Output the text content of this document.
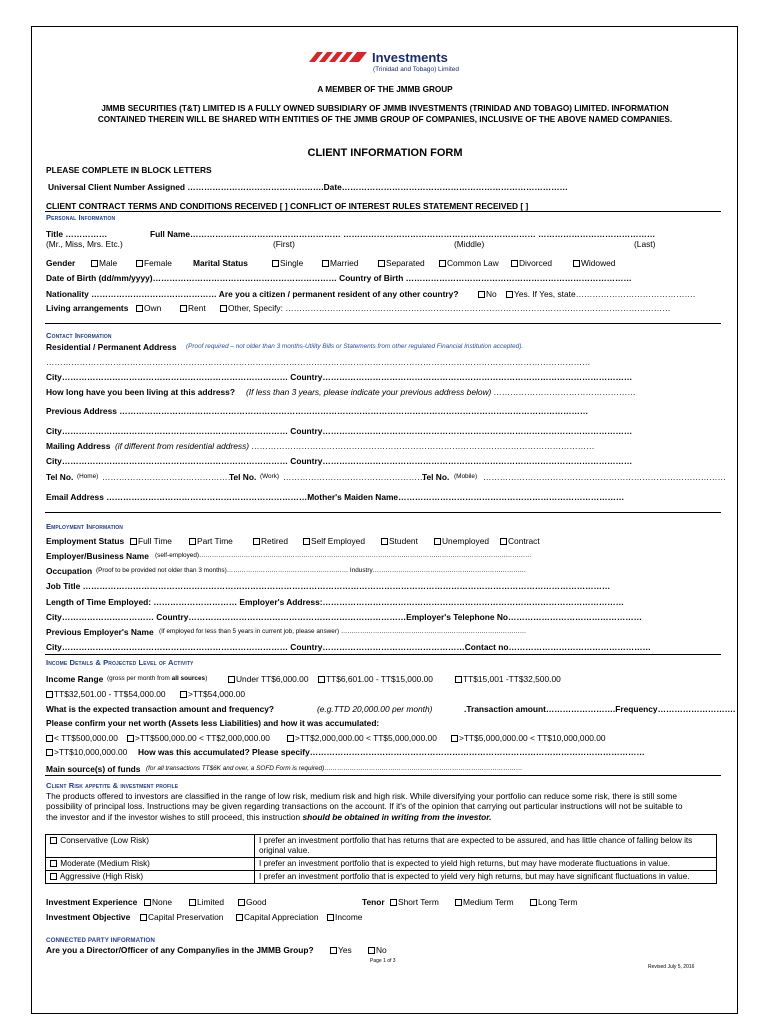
Investments
(Trinidad and Tobago) Limited
A MEMBER OF THE JMMB GROUP
JMMB SECURITIES (T&T) LIMITED IS A FULLY OWNED SUBSIDIARY OF JMMB INVESTMENTS (TRINIDAD AND TOBAGO) LIMITED. INFORMATION
CONTAINED THEREIN WILL BE SHARED WITH ENTITIES OF THE JMMB GROUP OF COMPANIES, INCLUSIVE OF THE ABOVE NAMED COMPANIES.
CLIENT INFORMATION FORM
PLEASE COMPLETE IN BLOCK LETTERS
Universal Client Number Assigned ………………………………………….Date………………………………………………………………………
CLIENT CONTRACT TERMS AND CONDITIONS RECEIVED [ ] CONFLICT OF INTEREST RULES STATEMENT RECEIVED [ ]
Personal Information
Title ……………	Full Name……………………………………………… …………………………………………………………… ……………………………………
(Mr., Miss, Mrs. Etc.)	(First)	(Middle)	(Last)
Gender	Male	Female	Marital Status	Single	Married	Separated	Common Law	Divorced	Widowed
Date of Birth (dd/mm/yyyy)………………………………………………………… Country of Birth ………………………………………………………………………
Nationality ……………………………………… Are you a citizen / permanent resident of any other country?	No	Yes. If Yes, state…………………………………….
Living arrangements	Own	Rent	Other, Specify: …………………………………………………………………………………………………………………………
Contact Information
Residential / Permanent Address (Proof required – not older than 3 months-Utility Bills or Statements from other regulated Financial Institution accepted).
……………………………………………………………………………………………………………………………………………………………………………
City……………………………………………………………………… Country…………………………………………………………………………………………………
How long have you been living at this address? (If less than 3 years, please indicate your previous address below) ……………………………………………
Previous Address ……………………………………………………………………………………………………………………………………………………
City……………………………………………………………………… Country…………………………………………………………………………………………………
Mailing Address (if different from residential address) ……………………………………………………………………………………………………………
City……………………………………………………………………… Country…………………………………………………………………………………………………
Tel No. (Home) …………………………………………
Tel No. (Work) ……………………………………………
Tel No. (Mobile) ……………………………………………………………………………
Email Address ………………………………………………………………Mother's Maiden Name………………………………………………………………………
Employment Information
Employment Status	Full Time	Part Time	Retired	Self Employed	Student	Unemployed	Contract
Employer/Business Name (self-employed)…………………………………………………………………………………………………………………………………………
Occupation (Proof to be provided not older than 3 months)………………………………………………… Industry………………………………………………………………
Job Title ………………………………………………………………………………………………………………………………………………………………………
Length of Time Employed: ………………………… Employer's Address:………………………………………………………………………………………………
City…………………………… Country……………………………………………………………………Employer's Telephone No…………………………………………
Previous Employer's Name (If employed for less than 5 years in current job, please answer) ……………………………………………………………………………
City……………………………………………………………………… Country……………………………………………Contact no……………………………………………
Income Details & Projected Level of Activity
Income Range (gross per month from all sources)	Under TT$6,000.00	TT$6,601.00 - TT$15,000.00	TT$15,001 -TT$32,500.00
TT$32,501.00 - TT$54,000.00	>TT$54,000.00
What is the expected transaction amount and frequency?	(e.g.TTD 20,000.00 per month)	.Transaction amount…………………….Frequency……………………….
Please confirm your net worth (Assets less Liabilities) and how it was accumulated:
< TT$500,000.00	>TT$500,000.00 < TT$2,000,000.00	>TT$2,000,000.00 < TT$5,000,000.00	>TT$5,000,000.00 < TT$10,000,000.00
>TT$10,000,000.00 How was this accumulated? Please specify…………………………………………………………………………………………………………
Main source(s) of funds (for all transactions TT$6K and over, a SOFD Form is required)…………………………………………………………………………………
Client Risk appetite & investment profile
The products offered to investors are classified in the range of low risk, medium risk and high risk. While diversifying your portfolio can reduce some risk, there is still some
possibility of principal loss. Instructions may be given regarding transactions on the account. If it's of the opinion that carrying out particular instructions will not be suitable to
the investor and if the investor wishes to still proceed, this instruction should be obtained in writing from the investor.
Conservative (Low Risk)	I prefer an investment portfolio that has returns that are expected to be assured, and has little chance of falling below its original value.
Moderate (Medium Risk)	I prefer an investment portfolio that is expected to yield high returns, but may have moderate fluctuations in value.
Aggressive (High Risk)	I prefer an investment portfolio that is expected to yield very high returns, but may have significant fluctuations in value.
Investment Experience	None	Limited	Good	Tenor	Short Term	Medium Term	Long Term
Investment Objective	Capital Preservation	Capital Appreciation	Income
CONNECTED PARTY INFORMATION
Are you a Director/Officer of any Company/ies in the JMMB Group?	Yes	No
Page 1 of 3
Revised July 5, 2016
